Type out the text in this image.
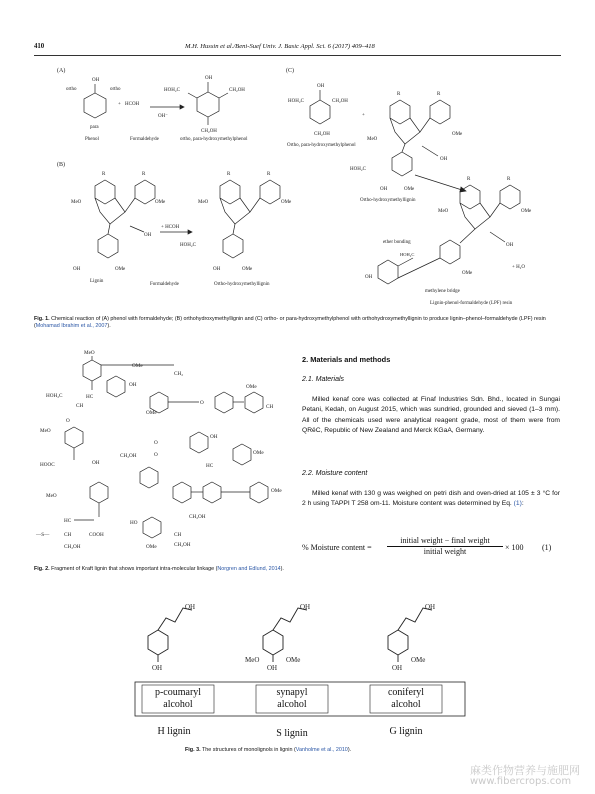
410	M.H. Hussin et al./Beni-Suef Univ. J. Basic Appl. Sci. 6 (2017) 409–418
(A)
(B)
(C)
OH
ortho	ortho
para
Phenol
+ HCOH
OH⁻
Formaldehyde
OH
HOH₂C	CH₂OH
CH₂OH
ortho, para-hydroxymethylphenol
R	R
MeO	OMe
OH
OH	OMe
Lignin
+ HCOH
Formaldehyde
R	R
MeO	OMe
HOH₂C
OH	OMe
Ortho-hydroxymethyllignin
OH
HOH₂C	CH₂OH
CH₂OH
Ortho, para-hydroxymethylphenol
+
R	R
MeO
OMe
OH
HOH₂C
OH	OMe
Ortho-hydroxymethyllignin
R	R
MeO	OMe
OH
OH
ether bonding
HOH₂C
methylene bridge
OMe
+ H₂O
Lignin-phenol-formaldehyde (LPF) resin
Fig. 1. Chemical reaction of (A) phenol with formaldehyde; (B) orthohydroxymethyllignin and (C) ortho- or para-hydroxymethylphenol with orthohydroxymethyllignin to produce lignin–phenol–formaldehyde (LPF) resin (Mohamad Ibrahim et al., 2007).
MeO
HOH₂C	HC
CH
O
MeO
HOOC
OMe
OH
CH₂
OMe
O
OMe
CH
OH
O
O	OMe
CH₂OH
HC
OH
OMe
MeO
CH₂OH
HO
OMe
CH
CH₂OH
HC
COOH
—S—	CH
CH₂OH
Fig. 2. Fragment of Kraft lignin that shows important intra-molecular linkage (Norgren and Edlund, 2014).
2. Materials and methods
2.1. Materials
Milled kenaf core was collected at Finaf Industries Sdn. Bhd., located in Sungai Petani, Kedah, on August 2015, which was sundried, grounded and sieved (1–3 mm). All of the chemicals used were analytical reagent grade, most of them were from QRëC, Republic of New Zealand and Merck KGaA, Germany.
2.2. Moisture content
Milled kenaf with 130 g was weighed on petri dish and oven-dried at 105 ± 3 °C for 2 h using TAPPI T 258 om-11. Moisture content was determined by Eq. (1):
% Moisture content =
initial weight − final weight
initial weight	× 100 (1)
OH
OH
OH
OH
MeO	OMe
OH
OH
OMe
p-coumaryl
alcohol
synapyl
alcohol
coniferyl
alcohol
H lignin	S lignin	G lignin
Fig. 3. The structures of monolignols in lignin (Vanholme et al., 2010).
麻类作物营养与施肥网
www.fibercrops.com
